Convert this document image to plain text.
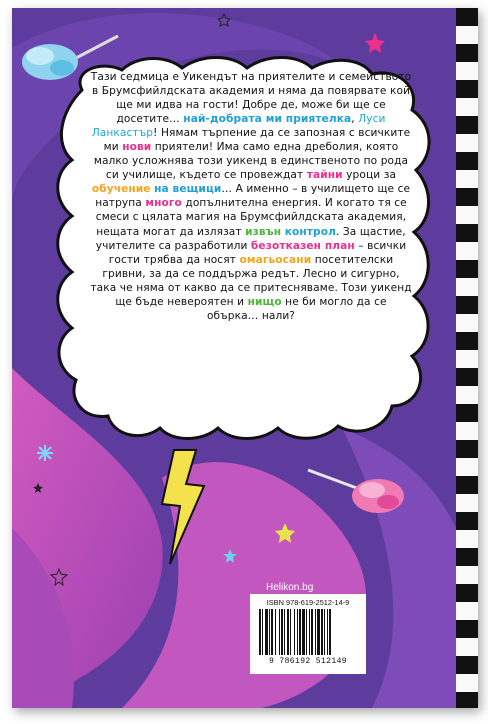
Тази седмица е Уикендът на приятелите и семейството в Брумсфийлдската академия и няма да повярвате кой ще ми идва на гости! Добре де, може би ще се досетите… най-добрата ми приятелка, Луси Ланкастър! Нямам търпение да се запозная с всичките ми нови приятели! Има само една дреболия, която малко усложнява този уикенд в единственото по рода си училище, където се провеждат тайни уроци за обучение на вещици… А именно – в училището ще се натрупа много допълнителна енергия. И когато тя се смеси с цялата магия на Брумсфийлдската академия, нещата могат да излязат извън контрол. За щастие, учителите са разработили безотказен план – всички гости трябва да носят омагьосани посетителски гривни, за да се поддържа редът. Лесно и сигурно, така че няма от какво да се притесняваме. Този уикенд ще бъде невероятен и нищо не би могло да се обърка… нали?
Helikon.bg
ISBN 978-619-2512-14-9
9 786192 512149
